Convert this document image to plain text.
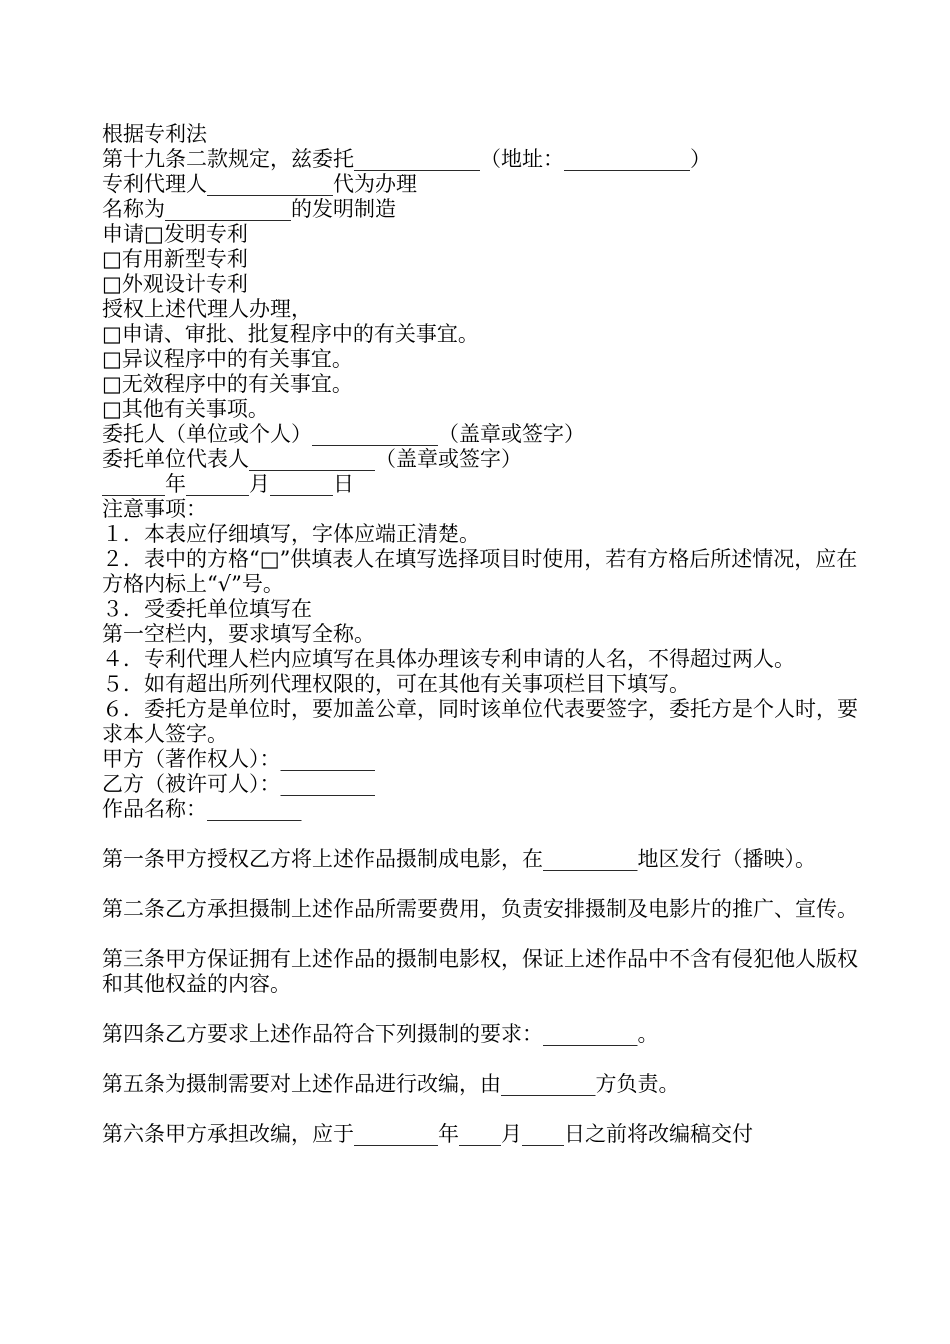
根据专利法
第十九条二款规定，兹委托____________（地址：____________）
专利代理人____________代为办理
名称为____________的发明制造
申请□发明专利
□有用新型专利
□外观设计专利
授权上述代理人办理，
□申请、审批、批复程序中的有关事宜。
□异议程序中的有关事宜。
□无效程序中的有关事宜。
□其他有关事项。
委托人（单位或个人）____________（盖章或签字）
委托单位代表人____________（盖章或签字）
______年______月______日
注意事项：
１．本表应仔细填写，字体应端正清楚。
２．表中的方格“□”供填表人在填写选择项目时使用，若有方格后所述情况，应在方格内标上“√”号。
３．受委托单位填写在
第一空栏内，要求填写全称。
４．专利代理人栏内应填写在具体办理该专利申请的人名，不得超过两人。
５．如有超出所列代理权限的，可在其他有关事项栏目下填写。
６．委托方是单位时，要加盖公章，同时该单位代表要签字，委托方是个人时，要求本人签字。
甲方（著作权人）：_________
乙方（被许可人）：_________
作品名称：_________
第一条甲方授权乙方将上述作品摄制成电影，在_________地区发行（播映）。
第二条乙方承担摄制上述作品所需要费用，负责安排摄制及电影片的推广、宣传。
第三条甲方保证拥有上述作品的摄制电影权，保证上述作品中不含有侵犯他人版权和其他权益的内容。
第四条乙方要求上述作品符合下列摄制的要求：_________。
第五条为摄制需要对上述作品进行改编，由_________方负责。
第六条甲方承担改编，应于________年____月____日之前将改编稿交付
